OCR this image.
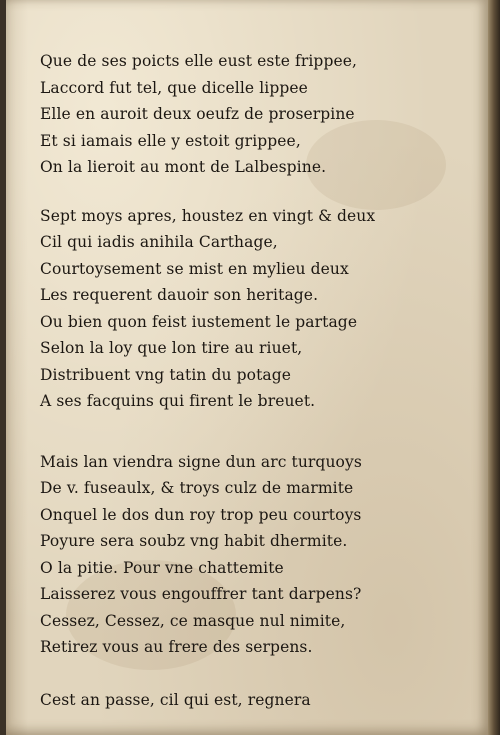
Que de ses poicts elle eust este frippee,
Laccord fut tel, que dicelle lippee
Elle en auroit deux oeufz de proserpine
Et si iamais elle y estoit grippee,
On la lieroit au mont de Lalbespine.
Sept moys apres, houstez en vingt & deux
Cil qui iadis anihila Carthage,
Courtoysement se mist en mylieu deux
Les requerent dauoir son heritage.
Ou bien quon feist iustement le partage
Selon la loy que lon tire au riuet,
Distribuent vng tatin du potage
A ses facquins qui firent le breuet.
Mais lan viendra signe dun arc turquoys
De v. fuseaulx, & troys culz de marmite
Onquel le dos dun roy trop peu courtoys
Poyure sera soubz vng habit dhermite.
O la pitie. Pour vne chattemite
Laisserez vous engouffrer tant darpens?
Cessez, Cessez, ce masque nul nimite,
Retirez vous au frere des serpens.
Cest an passe, cil qui est, regnera
